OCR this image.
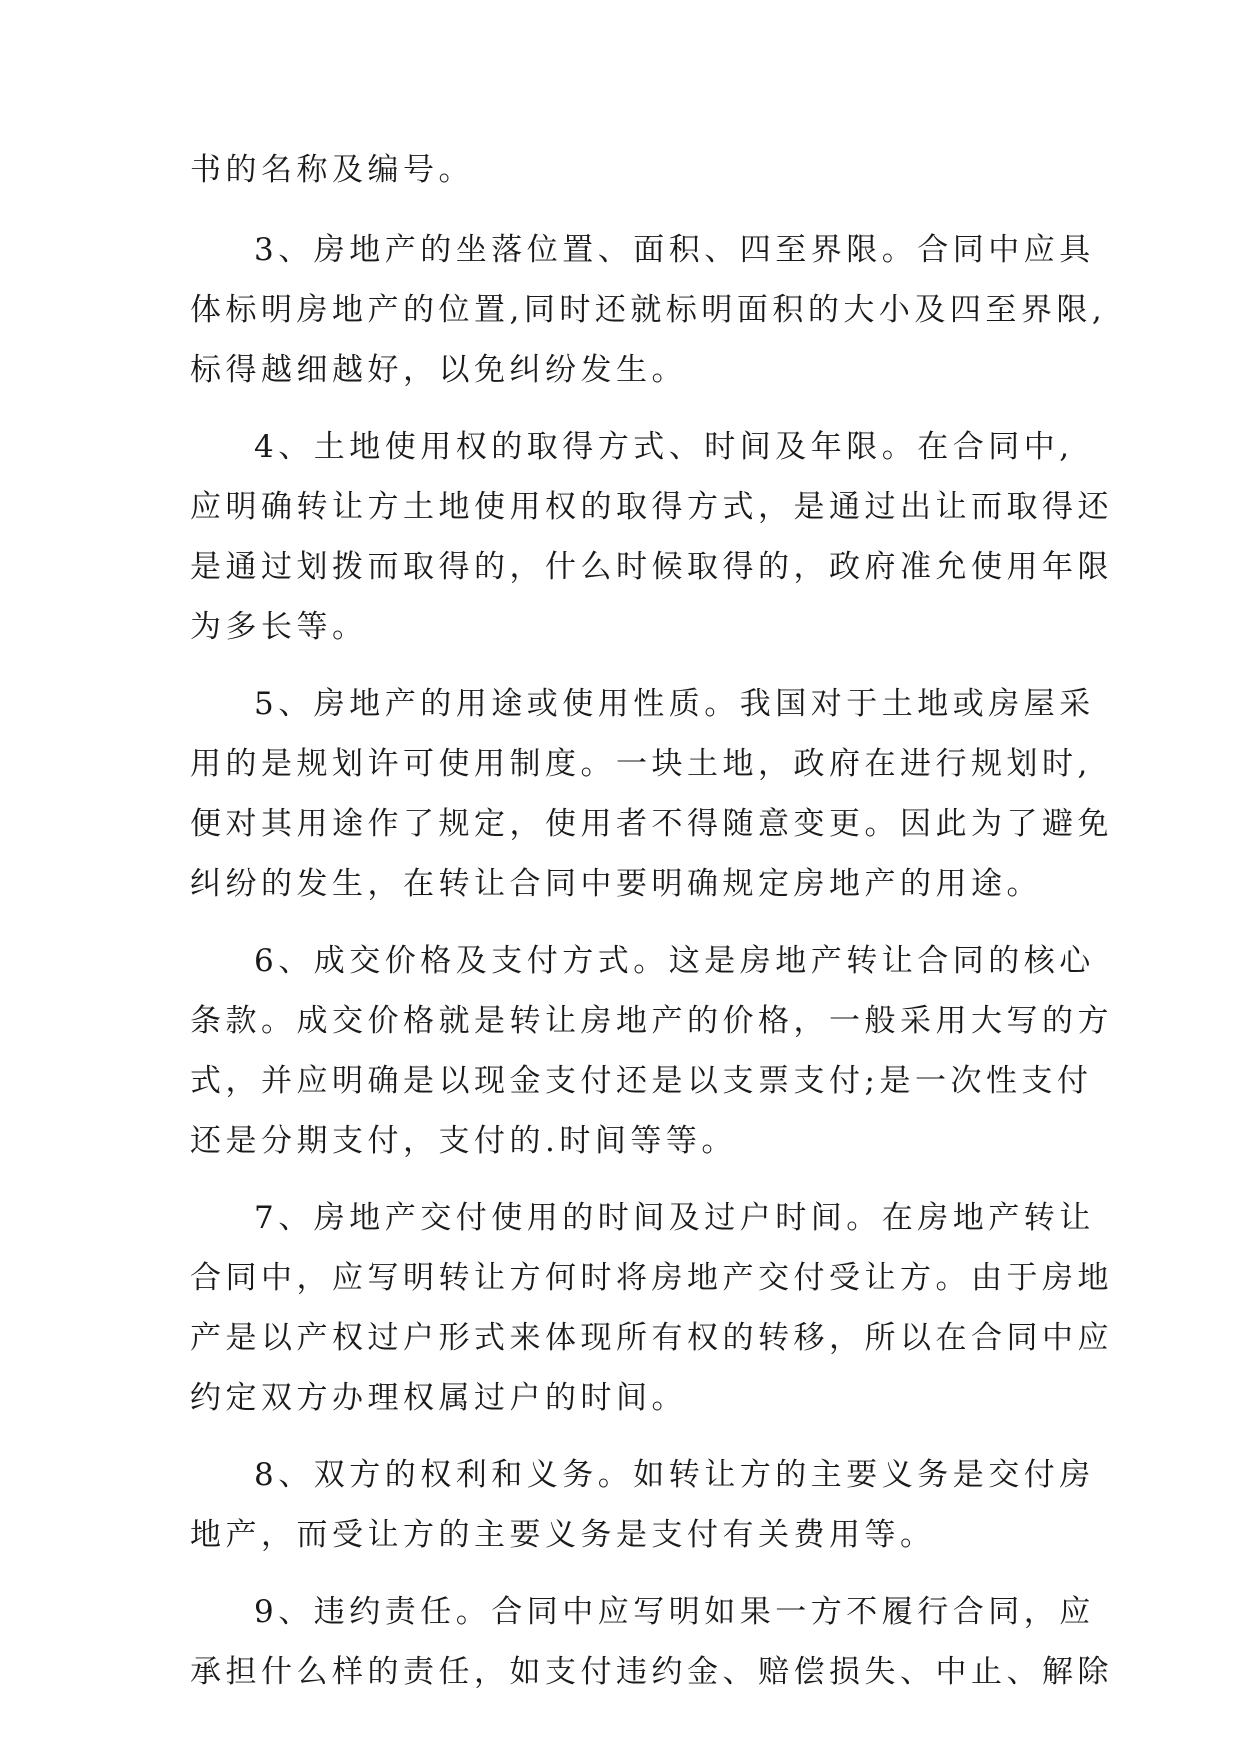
书的名称及编号。
3、房地产的坐落位置、面积、四至界限。合同中应具
体标明房地产的位置,同时还就标明面积的大小及四至界限,
标得越细越好，以免纠纷发生。
4、土地使用权的取得方式、时间及年限。在合同中,
应明确转让方土地使用权的取得方式，是通过出让而取得还
是通过划拨而取得的，什么时候取得的，政府准允使用年限
为多长等。
5、房地产的用途或使用性质。我国对于土地或房屋采
用的是规划许可使用制度。一块土地，政府在进行规划时,
便对其用途作了规定，使用者不得随意变更。因此为了避免
纠纷的发生，在转让合同中要明确规定房地产的用途。
6、成交价格及支付方式。这是房地产转让合同的核心
条款。成交价格就是转让房地产的价格，一般采用大写的方
式，并应明确是以现金支付还是以支票支付;是一次性支付
还是分期支付，支付的.时间等等。
7、房地产交付使用的时间及过户时间。在房地产转让
合同中，应写明转让方何时将房地产交付受让方。由于房地
产是以产权过户形式来体现所有权的转移，所以在合同中应
约定双方办理权属过户的时间。
8、双方的权利和义务。如转让方的主要义务是交付房
地产，而受让方的主要义务是支付有关费用等。
9、违约责任。合同中应写明如果一方不履行合同，应
承担什么样的责任，如支付违约金、赔偿损失、中止、解除
